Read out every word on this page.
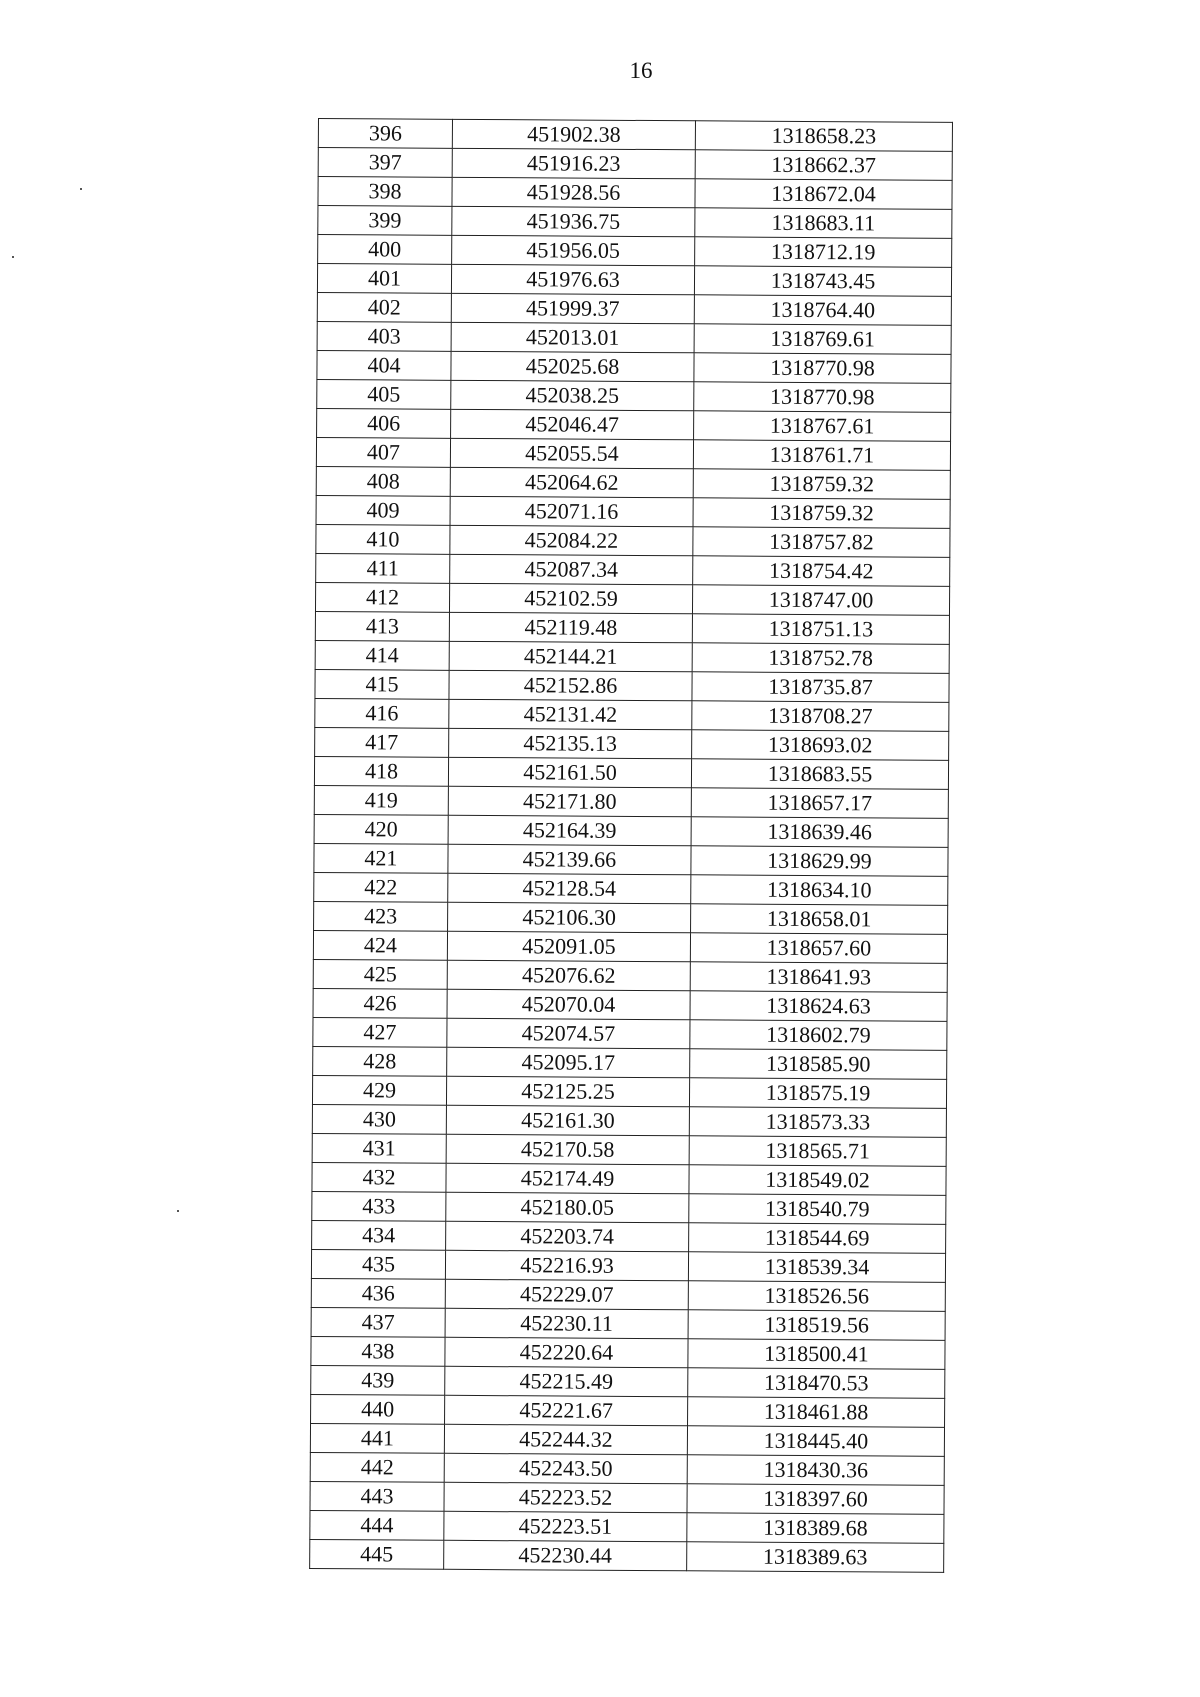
16
396	451902.38	1318658.23
397	451916.23	1318662.37
398	451928.56	1318672.04
399	451936.75	1318683.11
400	451956.05	1318712.19
401	451976.63	1318743.45
402	451999.37	1318764.40
403	452013.01	1318769.61
404	452025.68	1318770.98
405	452038.25	1318770.98
406	452046.47	1318767.61
407	452055.54	1318761.71
408	452064.62	1318759.32
409	452071.16	1318759.32
410	452084.22	1318757.82
411	452087.34	1318754.42
412	452102.59	1318747.00
413	452119.48	1318751.13
414	452144.21	1318752.78
415	452152.86	1318735.87
416	452131.42	1318708.27
417	452135.13	1318693.02
418	452161.50	1318683.55
419	452171.80	1318657.17
420	452164.39	1318639.46
421	452139.66	1318629.99
422	452128.54	1318634.10
423	452106.30	1318658.01
424	452091.05	1318657.60
425	452076.62	1318641.93
426	452070.04	1318624.63
427	452074.57	1318602.79
428	452095.17	1318585.90
429	452125.25	1318575.19
430	452161.30	1318573.33
431	452170.58	1318565.71
432	452174.49	1318549.02
433	452180.05	1318540.79
434	452203.74	1318544.69
435	452216.93	1318539.34
436	452229.07	1318526.56
437	452230.11	1318519.56
438	452220.64	1318500.41
439	452215.49	1318470.53
440	452221.67	1318461.88
441	452244.32	1318445.40
442	452243.50	1318430.36
443	452223.52	1318397.60
444	452223.51	1318389.68
445	452230.44	1318389.63
